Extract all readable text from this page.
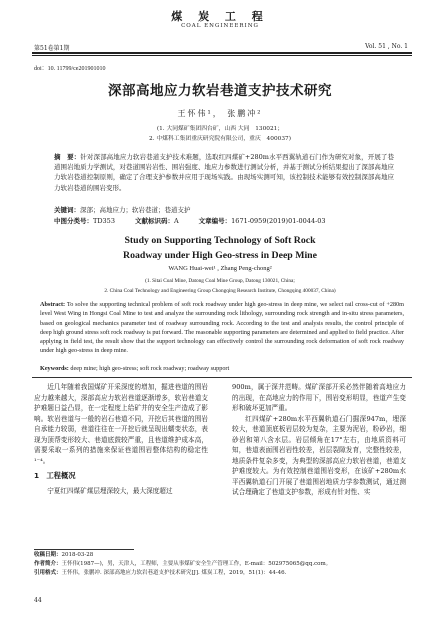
煤 炭 工 程
COAL ENGINEERING
第51卷第1期	Vol. 51 , No. 1
doi：10. 11799/ce201901010
深部高地应力软岩巷道支护技术研究
王怀伟¹， 张鹏冲²
(1. 大同煤矿集团四台矿，山西 大同　130021；
2. 中煤科工集团重庆研究院有限公司，重庆　400037)
摘　要：针对深部高地应力软岩巷道支护技术难题，选取红四煤矿+280m水平西翼轨道石门作为研究对象，开展了巷道围岩地质力学测试，对巷道围岩岩性、围岩强度、地应力参数进行测试分析，并基于测试分析结果提出了深部高地应力软岩巷道控制原则，确定了合理支护参数并应用于现场实践。由现场实测可知，该控制技术能够有效控制深部高地应力软岩巷道的围岩变形。
关键词：深部；高地应力；软岩巷道；巷道支护
中图分类号：TD353	文献标识码：A	文章编号：1671-0959(2019)01-0044-03
Study on Supporting Technology of Soft Rock
Roadway under High Geo-stress in Deep Mine
WANG Huai-wei¹ , Zhang Peng-chong²
(1. Sitai Coal Mine, Datong Coal Mine Group, Datong 130021, China;
2. China Coal Technology and Engineering Group Chongqing Research Institute, Chongqing 400037, China)
Abstract: To solve the supporting technical problem of soft rock roadway under high geo-stress in deep mine, we select rail cross-cut of +280m level West Wing in Hongsi Coal Mine to test and analyze the surrounding rock lithology, surrounding rock strength and in-situ stress parameters, based on geological mechanics parameter test of roadway surrounding rock. According to the test and analysis results, the control principle of deep high ground stress soft rock roadway is put forward. The reasonable supporting parameters are determined and applied to field practice. After applying in field test, the result show that the support technology can effectively control the surrounding rock deformation of soft rock roadway under high geo-stress in deep mine.
Keywords: deep mine; high geo-stress; soft rock roadway; roadway support

近几年随着我国煤矿开采深度的增加，掘进巷道的围岩应力越来越大，深部高应力软岩巷道逐渐增多，软岩巷道支护难题日益凸显，在一定程度上给矿井的安全生产造成了影响。软岩巷道与一般的岩石巷道不同，开挖后其巷道的围岩自承能力较弱，巷道往往在一开挖后就呈现出蠕变状态，表现为顶帮变形较大、巷道底鼓较严重，且巷道维护成本高，需要采取一系列的措施来保证巷道围岩整体结构的稳定性¹⁻⁴。

1　工程概况

宁夏红四煤矿煤层埋深较大，最大深度超过

900m，属于深井范畴。煤矿深部开采必然伴随着高地应力的出现，在高地应力的作用下，围岩变形明显，巷道产生变形和破坏更加严重。

红四煤矿+280m水平西翼轨道石门掘深947m，埋深较大，巷道顶底板岩层较为复杂，主要为泥岩，粉砂岩，细砂岩和第八含水层。岩层倾角在17°左右，由地质资料可知，巷道表面围岩岩性较差，岩层裂隙发育，完整性较差，地质条件复杂多变，为典型的深部高应力软岩巷道，巷道支护难度较大。为有效控制巷道围岩变形，在该矿+280m水平西翼轨道石门开展了巷道围岩地质力学参数测试，通过测试合理确定了巷道支护参数，形成有针对性、实

收稿日期：2018-03-28
作者简介：王怀伟(1987—)，男，天津人，工程师，主要从事煤矿安全生产管理工作，E-mail：502975065@qq.com。
引用格式：王怀伟，张鹏冲. 深部高地应力软岩巷道支护技术研究[J]. 煤炭工程，2019，51(1)：44-46.
44
